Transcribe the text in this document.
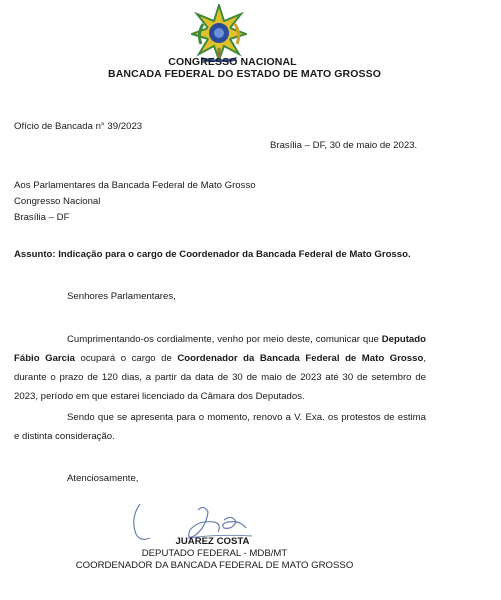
CONGRESSO NACIONAL
BANCADA FEDERAL DO ESTADO DE MATO GROSSO
Ofício de Bancada n° 39/2023
Brasília – DF, 30 de maio de 2023.
Aos Parlamentares da Bancada Federal de Mato Grosso
Congresso Nacional
Brasília – DF
Assunto: Indicação para o cargo de Coordenador da Bancada Federal de Mato Grosso.
Senhores Parlamentares,
Cumprimentando-os cordialmente, venho por meio deste, comunicar que Deputado Fábio Garcia ocupará o cargo de Coordenador da Bancada Federal de Mato Grosso, durante o prazo de 120 dias, a partir da data de 30 de maio de 2023 até 30 de setembro de 2023, período em que estarei licenciado da Câmara dos Deputados.
Sendo que se apresenta para o momento, renovo a V. Exa. os protestos de estima e distinta consideração.
Atenciosamente,
JUAREZ COSTA
DEPUTADO FEDERAL - MDB/MT
COORDENADOR DA BANCADA FEDERAL DE MATO GROSSO
